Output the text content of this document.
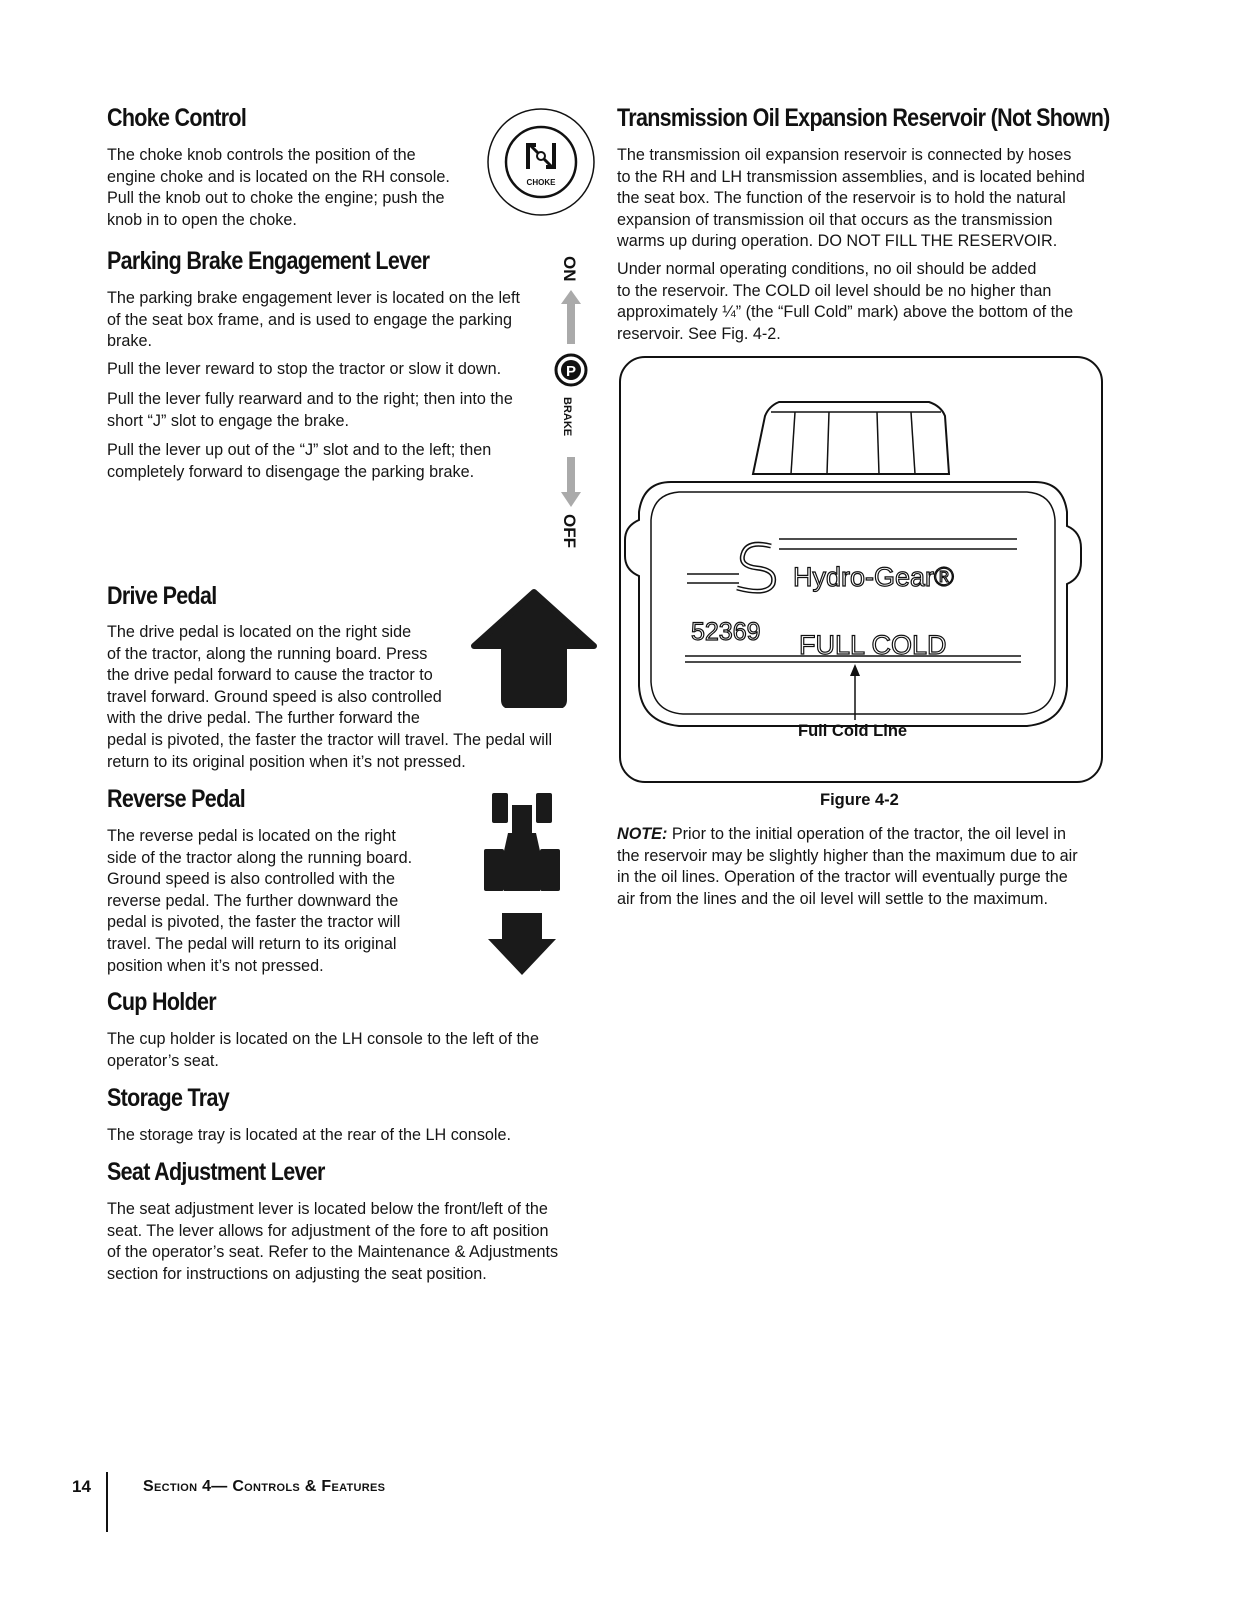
Choke Control

The choke knob controls the position of the
engine choke and is located on the RH console.
Pull the knob out to choke the engine; push the
knob in to open the choke.

CHOKE
Parking Brake Engagement Lever

The parking brake engagement lever is located on the left
of the seat box frame, and is used to engage the parking
brake.

Pull the lever reward to stop the tractor or slow it down.

Pull the lever fully rearward and to the right; then into the
short “J” slot to engage the brake.

Pull the lever up out of the “J” slot and to the left; then
completely forward to disengage the parking brake.

ON
P
BRAKE
OFF
Drive Pedal

The drive pedal is located on the right side
of the tractor, along the running board. Press
the drive pedal forward to cause the tractor to
travel forward. Ground speed is also controlled
with the drive pedal. The further forward the
pedal is pivoted, the faster the tractor will travel. The pedal will
return to its original position when it’s not pressed.

Reverse Pedal

The reverse pedal is located on the right
side of the tractor along the running board.
Ground speed is also controlled with the
reverse pedal. The further downward the
pedal is pivoted, the faster the tractor will
travel. The pedal will return to its original
position when it’s not pressed.

Cup Holder

The cup holder is located on the LH console to the left of the
operator’s seat.

Storage Tray

The storage tray is located at the rear of the LH console.

Seat Adjustment Lever

The seat adjustment lever is located below the front/left of the
seat. The lever allows for adjustment of the fore to aft position
of the operator’s seat. Refer to the Maintenance & Adjustments
section for instructions on adjusting the seat position.

Transmission Oil Expansion Reservoir (Not Shown)

The transmission oil expansion reservoir is connected by hoses
to the RH and LH transmission assemblies, and is located behind
the seat box. The function of the reservoir is to hold the natural
expansion of transmission oil that occurs as the transmission
warms up during operation. DO NOT FILL THE RESERVOIR.

Under normal operating conditions, no oil should be added
to the reservoir. The COLD oil level should be no higher than
approximately ¼” (the “Full Cold” mark) above the bottom of the
reservoir. See Fig. 4-2.

Hydro-Gear®
52369 FULL COLD
Full Cold Line
Figure 4-2

NOTE: Prior to the initial operation of the tractor, the oil level in
the reservoir may be slightly higher than the maximum due to air
in the oil lines. Operation of the tractor will eventually purge the
air from the lines and the oil level will settle to the maximum.

14	Section 4— Controls & Features
